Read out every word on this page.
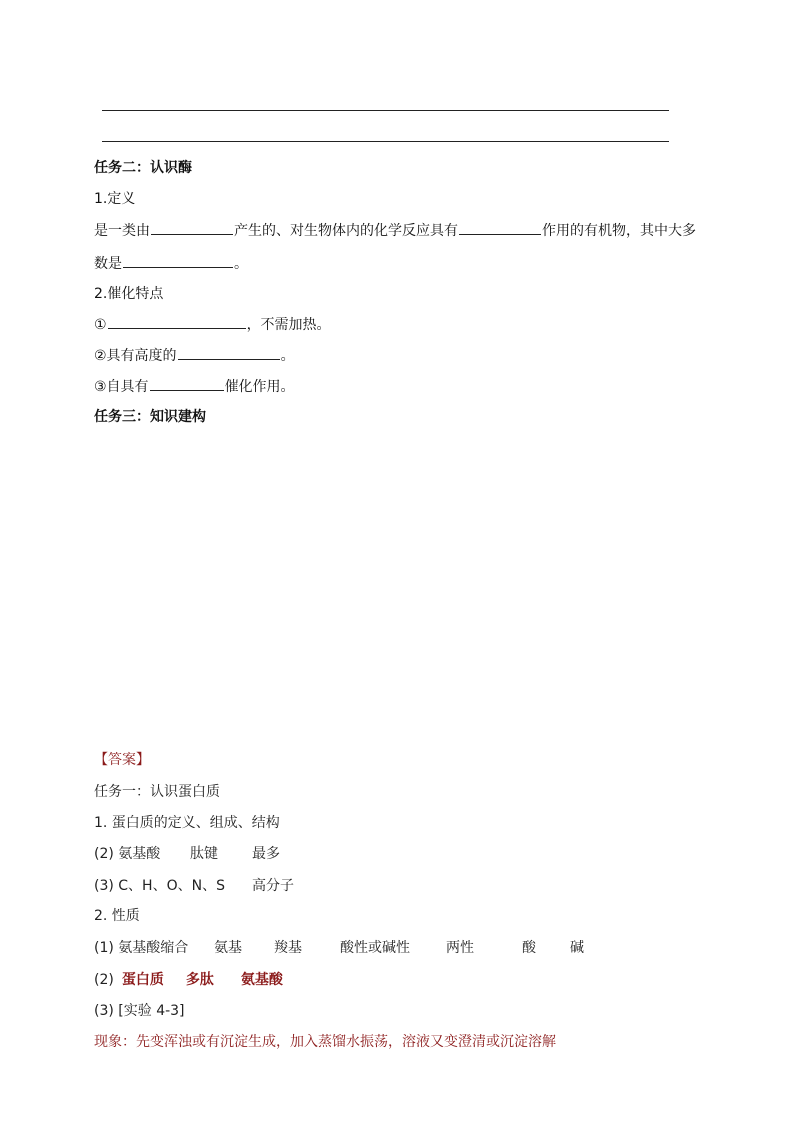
任务二：认识酶
1.定义
是一类由	产生的、对生物体内的化学反应具有	作用的有机物，其中大多
数是	。
2.催化特点
①	，不需加热。
②具有高度的	。
③自具有	催化作用。
任务三：知识建构
【答案】
任务一：认识蛋白质
1. 蛋白质的定义、组成、结构
(2) 氨基酸 肽键 最多
(3) C、H、O、N、S 高分子
2. 性质
(1) 氨基酸缩合 氨基 羧基	酸性或碱性	两性	酸 碱
(2) 蛋白质 多肽 氨基酸
(3) [实验 4-3]
现象：先变浑浊或有沉淀生成，加入蒸馏水振荡，溶液又变澄清或沉淀溶解
